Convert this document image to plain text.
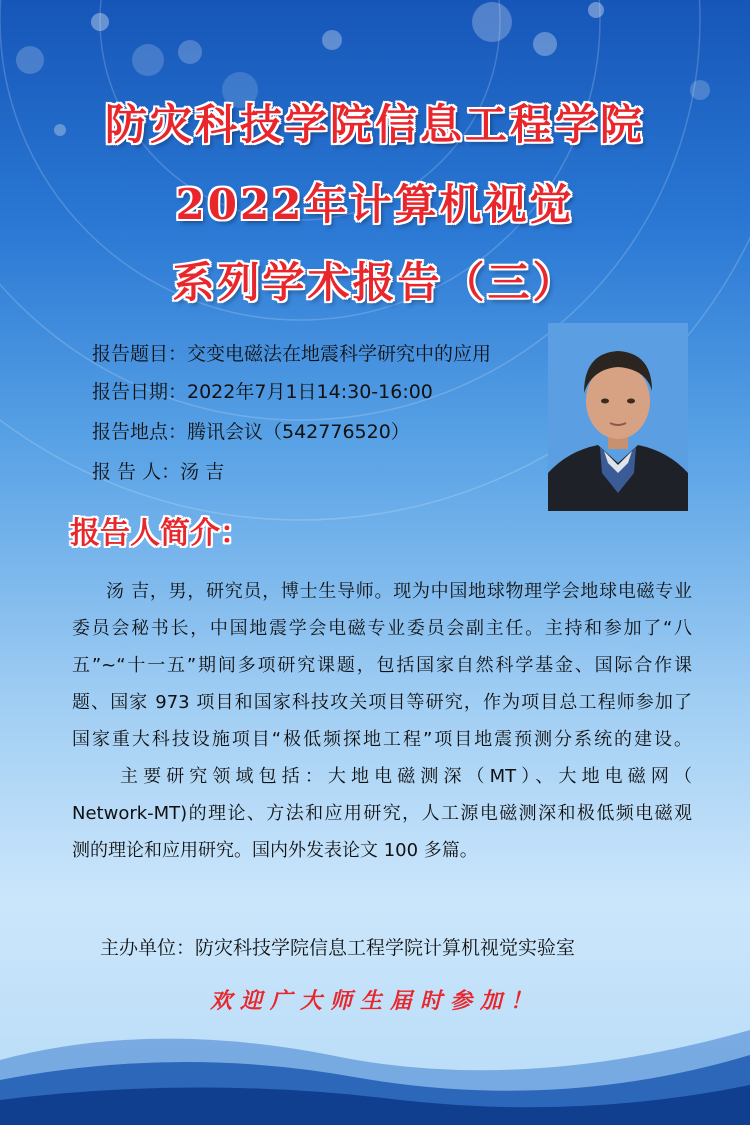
防灾科技学院信息工程学院
2022年计算机视觉
系列学术报告（三）
报告题目：交变电磁法在地震科学研究中的应用
报告日期：2022年7月1日14:30-16:00
报告地点：腾讯会议（542776520）
报 告 人：汤 吉
报告人简介：
汤 吉，男，研究员，博士生导师。现为中国地球物理学会地球电磁专业
委员会秘书长，中国地震学会电磁专业委员会副主任。主持和参加了“八
五”~“十一五”期间多项研究课题，包括国家自然科学基金、国际合作课
题、国家 973 项目和国家科技攻关项目等研究，作为项目总工程师参加了
国家重大科技设施项目“极低频探地工程”项目地震预测分系统的建设。
主要研究领域包括：大地电磁测深（MT）、大地电磁网（
Network-MT)的理论、方法和应用研究，人工源电磁测深和极低频电磁观
测的理论和应用研究。国内外发表论文 100 多篇。
主办单位：防灾科技学院信息工程学院计算机视觉实验室
欢迎广大师生届时参加！
